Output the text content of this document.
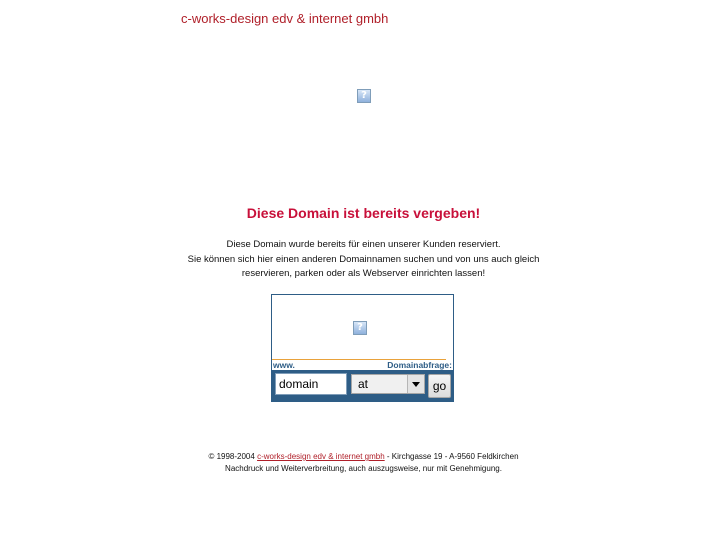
c-works-design edv & internet gmbh
?
Diese Domain ist bereits vergeben!
Diese Domain wurde bereits für einen unserer Kunden reserviert.
Sie können sich hier einen anderen Domainnamen suchen und von uns auch gleich reservieren, parken oder als Webserver einrichten lassen!
?
www.	Domainabfrage:
domain
at	go
© 1998-2004 c-works-design edv & internet gmbh - Kirchgasse 19 - A-9560 Feldkirchen
Nachdruck und Weiterverbreitung, auch auszugsweise, nur mit Genehmigung.
